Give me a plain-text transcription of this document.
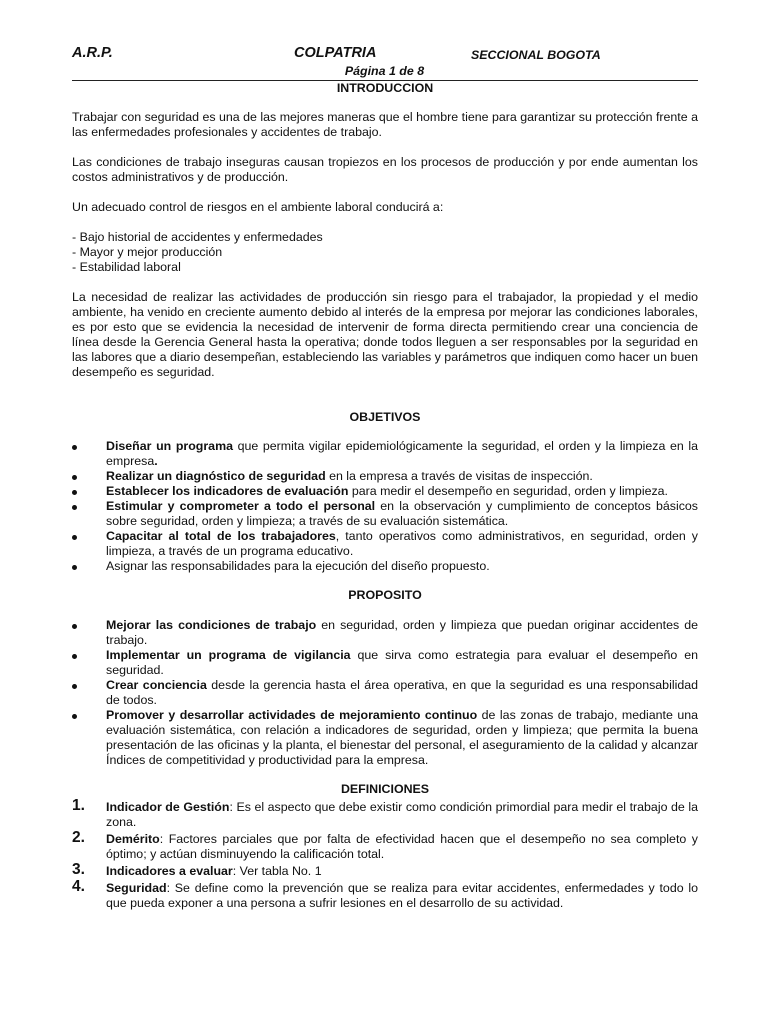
A.R.P.	COLPATRIA	SECCIONAL BOGOTA
Página 1 de 8
INTRODUCCION

Trabajar con seguridad es una de las mejores maneras que el hombre tiene para garantizar su protección frente a las enfermedades profesionales y accidentes de trabajo.

Las condiciones de trabajo inseguras causan tropiezos en los procesos de producción y por ende aumentan los costos administrativos y de producción.

Un adecuado control de riesgos en el ambiente laboral conducirá a:

- Bajo historial de accidentes y enfermedades
- Mayor y mejor producción
- Estabilidad laboral

La necesidad de realizar las actividades de producción sin riesgo para el trabajador, la propiedad y el medio ambiente, ha venido en creciente aumento debido al interés de la empresa por mejorar las condiciones laborales, es por esto que se evidencia la necesidad de intervenir de forma directa permitiendo crear una conciencia de línea desde la Gerencia General hasta la operativa; donde todos lleguen a ser responsables por la seguridad en las labores que a diario desempeñan, estableciendo las variables y parámetros que indiquen como hacer un buen desempeño es seguridad.

OBJETIVOS
Diseñar un programa que permita vigilar epidemiológicamente la seguridad, el orden y la limpieza en la empresa.
Realizar un diagnóstico de seguridad en la empresa a través de visitas de inspección.
Establecer los indicadores de evaluación para medir el desempeño en seguridad, orden y limpieza.
Estimular y comprometer a todo el personal en la observación y cumplimiento de conceptos básicos sobre seguridad, orden y limpieza; a través de su evaluación sistemática.
Capacitar al total de los trabajadores, tanto operativos como administrativos, en seguridad, orden y limpieza, a través de un programa educativo.
Asignar las responsabilidades para la ejecución del diseño propuesto.
PROPOSITO
Mejorar las condiciones de trabajo en seguridad, orden y limpieza que puedan originar accidentes de trabajo.
Implementar un programa de vigilancia que sirva como estrategia para evaluar el desempeño en seguridad.
Crear conciencia desde la gerencia hasta el área operativa, en que la seguridad es una responsabilidad de todos.
Promover y desarrollar actividades de mejoramiento continuo de las zonas de trabajo, mediante una evaluación sistemática, con relación a indicadores de seguridad, orden y limpieza; que permita la buena presentación de las oficinas y la planta, el bienestar del personal, el aseguramiento de la calidad y alcanzar Índices de competitividad y productividad para la empresa.
DEFINICIONES
1. Indicador de Gestión: Es el aspecto que debe existir como condición primordial para medir el trabajo de la zona.
2. Demérito: Factores parciales que por falta de efectividad hacen que el desempeño no sea completo y óptimo; y actúan disminuyendo la calificación total.
3. Indicadores a evaluar: Ver tabla No. 1
4. Seguridad: Se define como la prevención que se realiza para evitar accidentes, enfermedades y todo lo que pueda exponer a una persona a sufrir lesiones en el desarrollo de su actividad.
